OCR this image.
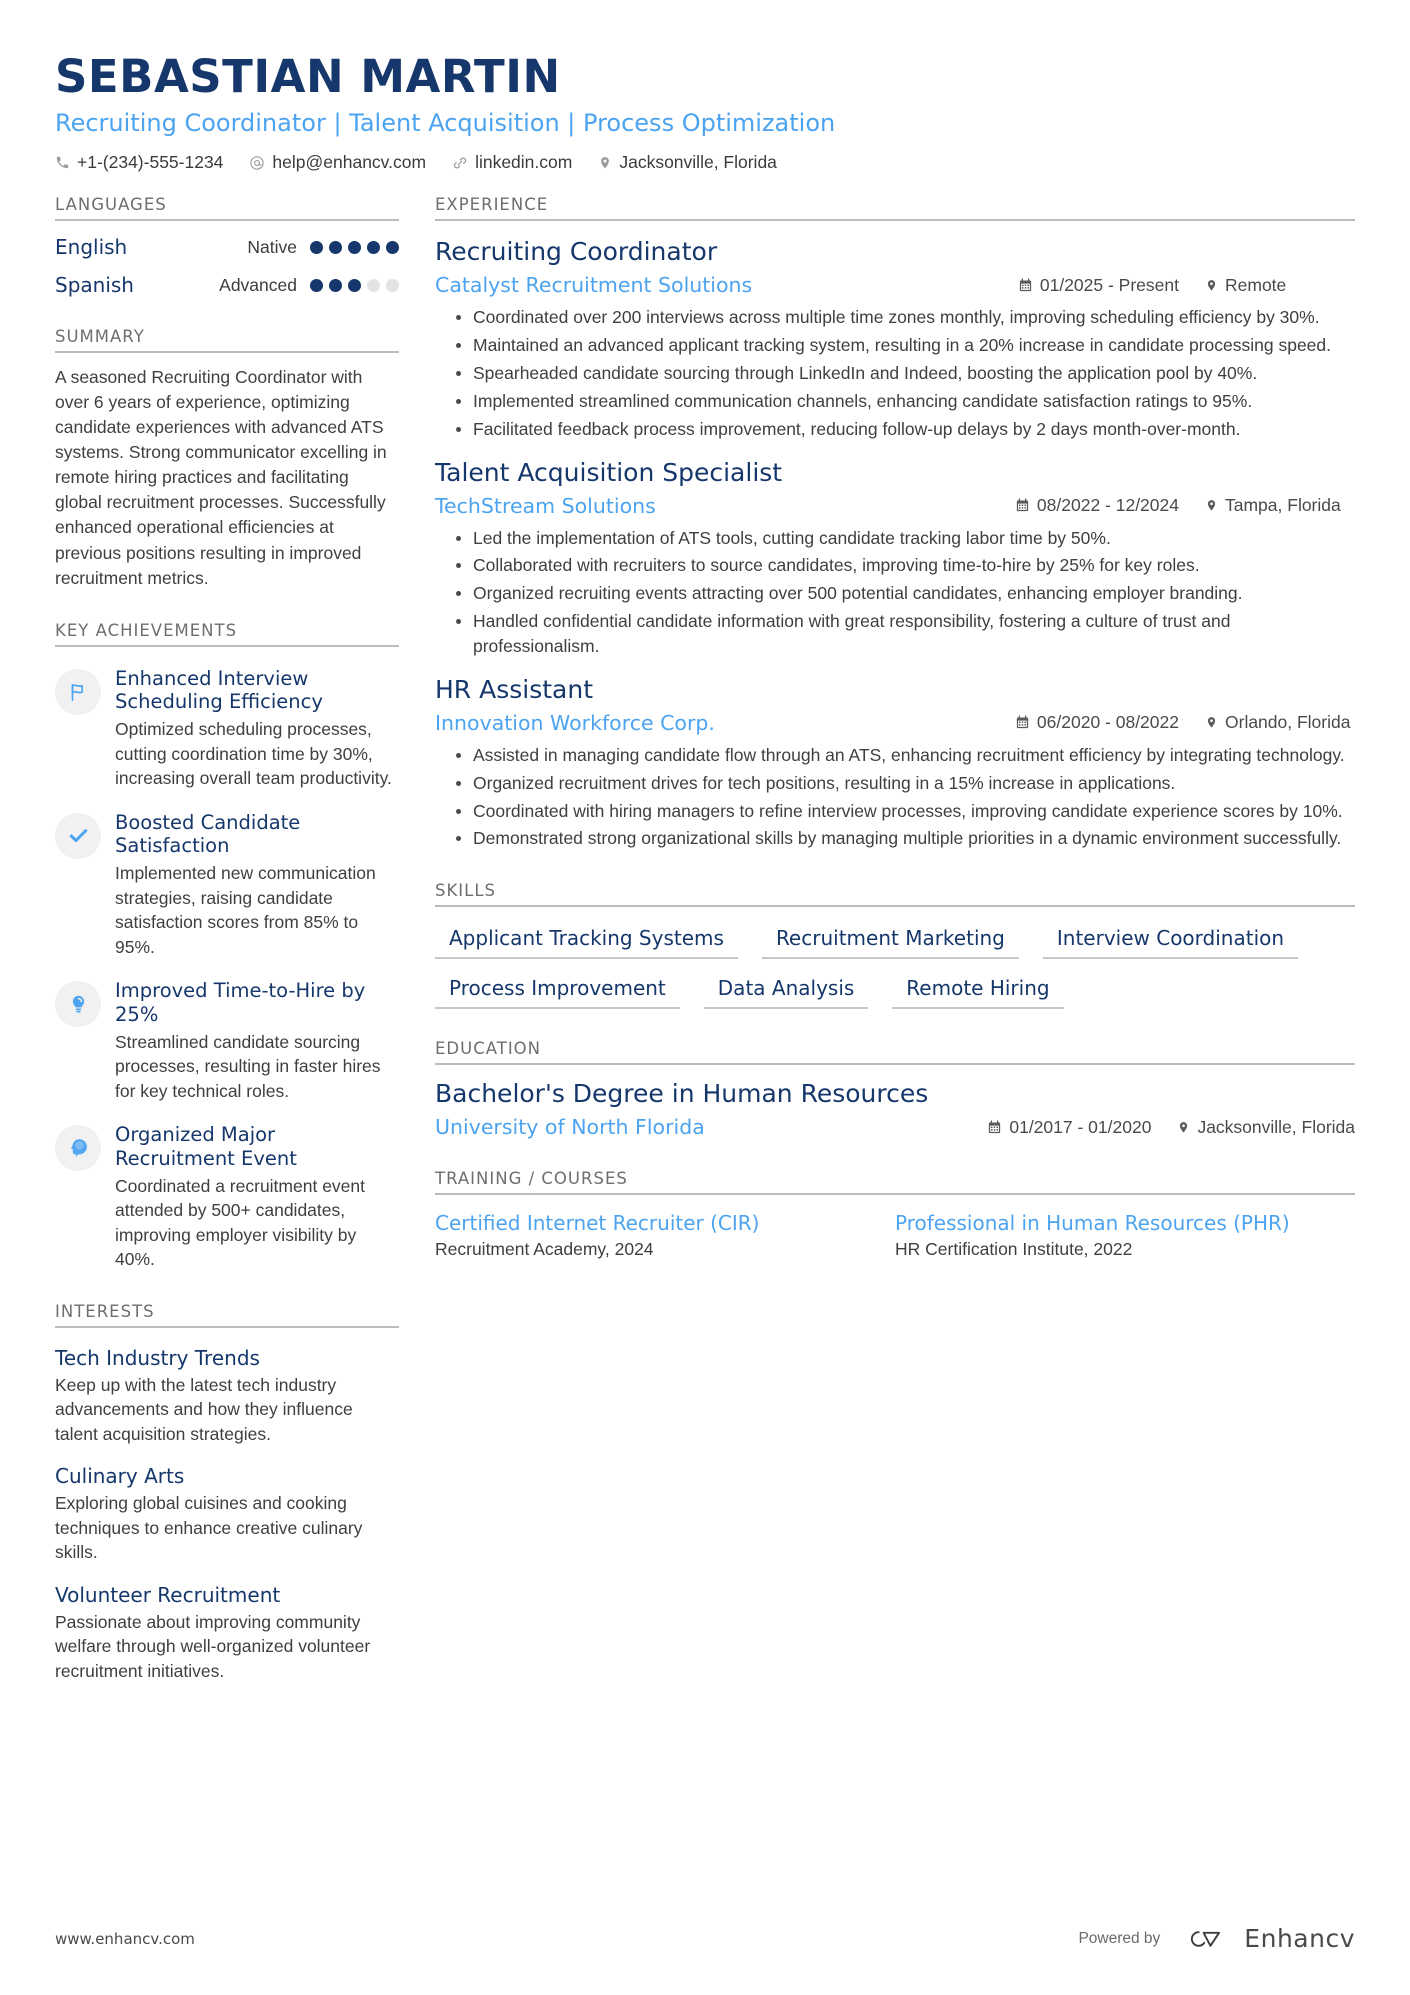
SEBASTIAN MARTIN
Recruiting Coordinator | Talent Acquisition | Process Optimization
+1-(234)-555-1234	help@enhancv.com	linkedin.com	Jacksonville, Florida
LANGUAGES
English	Native
Spanish	Advanced
SUMMARY
A seasoned Recruiting Coordinator with over 6 years of experience, optimizing candidate experiences with advanced ATS systems. Strong communicator excelling in remote hiring practices and facilitating global recruitment processes. Successfully enhanced operational efficiencies at previous positions resulting in improved recruitment metrics.
KEY ACHIEVEMENTS
Enhanced Interview Scheduling Efficiency
Optimized scheduling processes, cutting coordination time by 30%, increasing overall team productivity.
Boosted Candidate Satisfaction
Implemented new communication strategies, raising candidate satisfaction scores from 85% to 95%.
Improved Time-to-Hire by 25%
Streamlined candidate sourcing processes, resulting in faster hires for key technical roles.
Organized Major Recruitment Event
Coordinated a recruitment event attended by 500+ candidates, improving employer visibility by 40%.
INTERESTS
Tech Industry Trends
Keep up with the latest tech industry advancements and how they influence talent acquisition strategies.
Culinary Arts
Exploring global cuisines and cooking techniques to enhance creative culinary skills.
Volunteer Recruitment
Passionate about improving community welfare through well-organized volunteer recruitment initiatives.
EXPERIENCE
Recruiting Coordinator
Catalyst Recruitment Solutions	01/2025 - Present	Remote
Coordinated over 200 interviews across multiple time zones monthly, improving scheduling efficiency by 30%.
Maintained an advanced applicant tracking system, resulting in a 20% increase in candidate processing speed.
Spearheaded candidate sourcing through LinkedIn and Indeed, boosting the application pool by 40%.
Implemented streamlined communication channels, enhancing candidate satisfaction ratings to 95%.
Facilitated feedback process improvement, reducing follow-up delays by 2 days month-over-month.
Talent Acquisition Specialist
TechStream Solutions	08/2022 - 12/2024	Tampa, Florida
Led the implementation of ATS tools, cutting candidate tracking labor time by 50%.
Collaborated with recruiters to source candidates, improving time-to-hire by 25% for key roles.
Organized recruiting events attracting over 500 potential candidates, enhancing employer branding.
Handled confidential candidate information with great responsibility, fostering a culture of trust and professionalism.
HR Assistant
Innovation Workforce Corp.	06/2020 - 08/2022	Orlando, Florida
Assisted in managing candidate flow through an ATS, enhancing recruitment efficiency by integrating technology.
Organized recruitment drives for tech positions, resulting in a 15% increase in applications.
Coordinated with hiring managers to refine interview processes, improving candidate experience scores by 10%.
Demonstrated strong organizational skills by managing multiple priorities in a dynamic environment successfully.
SKILLS
Applicant Tracking Systems	Recruitment Marketing	Interview Coordination
Process Improvement	Data Analysis	Remote Hiring
EDUCATION
Bachelor's Degree in Human Resources
University of North Florida	01/2017 - 01/2020	Jacksonville, Florida
TRAINING / COURSES
Certified Internet Recruiter (CIR)
Recruitment Academy, 2024
Professional in Human Resources (PHR)
HR Certification Institute, 2022
www.enhancv.com	Powered by	Enhancv
